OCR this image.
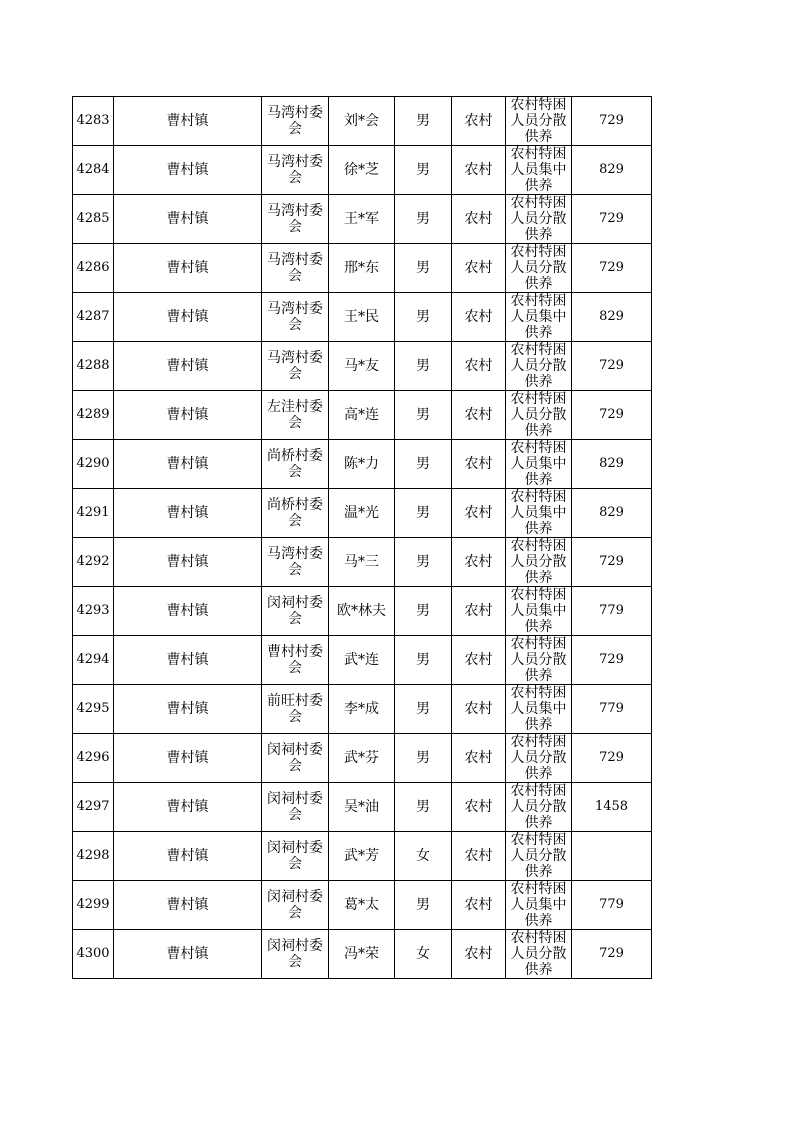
4283	曹村镇	马湾村委会	刘*会	男	农村	农村特困人员分散供养	729
4284	曹村镇	马湾村委会	徐*芝	男	农村	农村特困人员集中供养	829
4285	曹村镇	马湾村委会	王*军	男	农村	农村特困人员分散供养	729
4286	曹村镇	马湾村委会	邢*东	男	农村	农村特困人员分散供养	729
4287	曹村镇	马湾村委会	王*民	男	农村	农村特困人员集中供养	829
4288	曹村镇	马湾村委会	马*友	男	农村	农村特困人员分散供养	729
4289	曹村镇	左洼村委会	高*连	男	农村	农村特困人员分散供养	729
4290	曹村镇	尚桥村委会	陈*力	男	农村	农村特困人员集中供养	829
4291	曹村镇	尚桥村委会	温*光	男	农村	农村特困人员集中供养	829
4292	曹村镇	马湾村委会	马*三	男	农村	农村特困人员分散供养	729
4293	曹村镇	闵祠村委会	欧*林夫	男	农村	农村特困人员集中供养	779
4294	曹村镇	曹村村委会	武*连	男	农村	农村特困人员分散供养	729
4295	曹村镇	前旺村委会	李*成	男	农村	农村特困人员集中供养	779
4296	曹村镇	闵祠村委会	武*芬	男	农村	农村特困人员分散供养	729
4297	曹村镇	闵祠村委会	吴*油	男	农村	农村特困人员分散供养	1458
4298	曹村镇	闵祠村委会	武*芳	女	农村	农村特困人员分散供养	

4299	曹村镇	闵祠村委会	葛*太	男	农村	农村特困人员集中供养	779
4300	曹村镇	闵祠村委会	冯*荣	女	农村	农村特困人员分散供养	729
